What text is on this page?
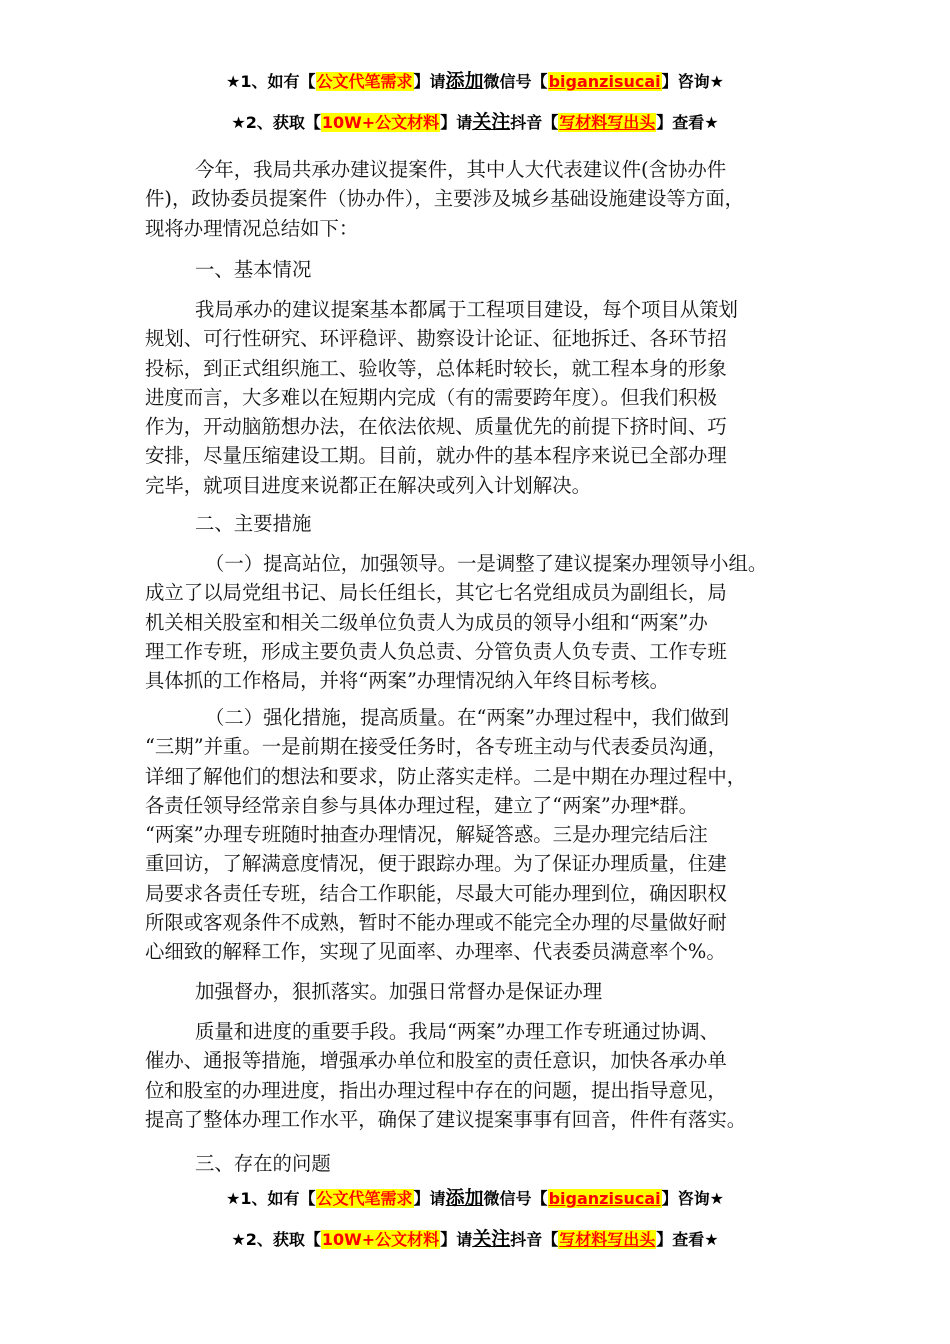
★1、如有【公文代笔需求】请添加微信号【biganzisucai】咨询★
★2、获取【10W+公文材料】请关注抖音【写材料写出头】查看★
今年，我局共承办建议提案件，其中人大代表建议件(含协办件
件)，政协委员提案件（协办件），主要涉及城乡基础设施建设等方面，
现将办理情况总结如下：
一、基本情况
我局承办的建议提案基本都属于工程项目建设，每个项目从策划
规划、可行性研究、环评稳评、勘察设计论证、征地拆迁、各环节招
投标，到正式组织施工、验收等，总体耗时较长，就工程本身的形象
进度而言，大多难以在短期内完成（有的需要跨年度）。但我们积极
作为，开动脑筋想办法，在依法依规、质量优先的前提下挤时间、巧
安排，尽量压缩建设工期。目前，就办件的基本程序来说已全部办理
完毕，就项目进度来说都正在解决或列入计划解决。
二、主要措施
（一）提高站位，加强领导。一是调整了建议提案办理领导小组。
成立了以局党组书记、局长任组长，其它七名党组成员为副组长，局
机关相关股室和相关二级单位负责人为成员的领导小组和“两案”办
理工作专班，形成主要负责人负总责、分管负责人负专责、工作专班
具体抓的工作格局，并将“两案”办理情况纳入年终目标考核。
（二）强化措施，提高质量。在“两案”办理过程中，我们做到
“三期”并重。一是前期在接受任务时，各专班主动与代表委员沟通，
详细了解他们的想法和要求，防止落实走样。二是中期在办理过程中，
各责任领导经常亲自参与具体办理过程，建立了“两案”办理*群。
“两案”办理专班随时抽查办理情况，解疑答惑。三是办理完结后注
重回访，了解满意度情况，便于跟踪办理。为了保证办理质量，住建
局要求各责任专班，结合工作职能，尽最大可能办理到位，确因职权
所限或客观条件不成熟，暂时不能办理或不能完全办理的尽量做好耐
心细致的解释工作，实现了见面率、办理率、代表委员满意率个%。
加强督办，狠抓落实。加强日常督办是保证办理
质量和进度的重要手段。我局“两案”办理工作专班通过协调、
催办、通报等措施，增强承办单位和股室的责任意识，加快各承办单
位和股室的办理进度，指出办理过程中存在的问题，提出指导意见，
提高了整体办理工作水平，确保了建议提案事事有回音，件件有落实。
三、存在的问题
★1、如有【公文代笔需求】请添加微信号【biganzisucai】咨询★
★2、获取【10W+公文材料】请关注抖音【写材料写出头】查看★
